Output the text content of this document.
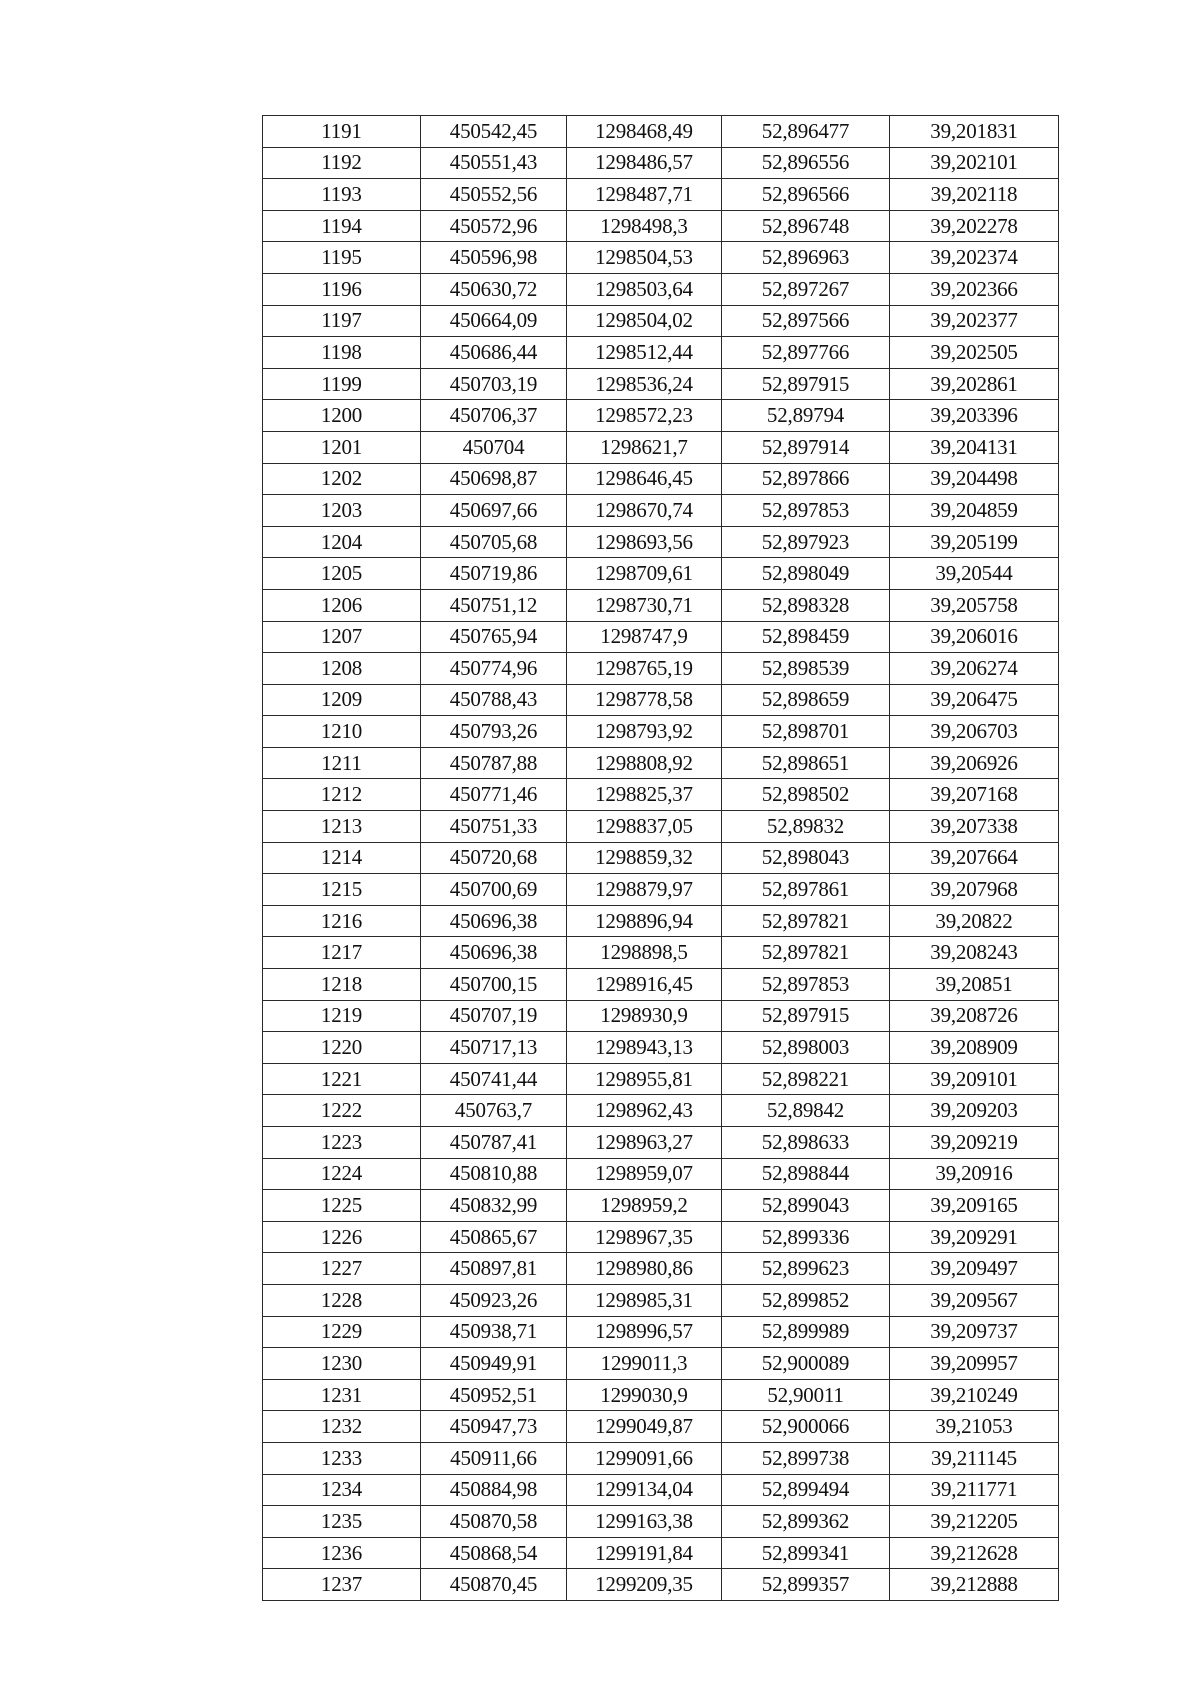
1191	450542,45	1298468,49	52,896477	39,201831
1192	450551,43	1298486,57	52,896556	39,202101
1193	450552,56	1298487,71	52,896566	39,202118
1194	450572,96	1298498,3	52,896748	39,202278
1195	450596,98	1298504,53	52,896963	39,202374
1196	450630,72	1298503,64	52,897267	39,202366
1197	450664,09	1298504,02	52,897566	39,202377
1198	450686,44	1298512,44	52,897766	39,202505
1199	450703,19	1298536,24	52,897915	39,202861
1200	450706,37	1298572,23	52,89794	39,203396
1201	450704	1298621,7	52,897914	39,204131
1202	450698,87	1298646,45	52,897866	39,204498
1203	450697,66	1298670,74	52,897853	39,204859
1204	450705,68	1298693,56	52,897923	39,205199
1205	450719,86	1298709,61	52,898049	39,20544
1206	450751,12	1298730,71	52,898328	39,205758
1207	450765,94	1298747,9	52,898459	39,206016
1208	450774,96	1298765,19	52,898539	39,206274
1209	450788,43	1298778,58	52,898659	39,206475
1210	450793,26	1298793,92	52,898701	39,206703
1211	450787,88	1298808,92	52,898651	39,206926
1212	450771,46	1298825,37	52,898502	39,207168
1213	450751,33	1298837,05	52,89832	39,207338
1214	450720,68	1298859,32	52,898043	39,207664
1215	450700,69	1298879,97	52,897861	39,207968
1216	450696,38	1298896,94	52,897821	39,20822
1217	450696,38	1298898,5	52,897821	39,208243
1218	450700,15	1298916,45	52,897853	39,20851
1219	450707,19	1298930,9	52,897915	39,208726
1220	450717,13	1298943,13	52,898003	39,208909
1221	450741,44	1298955,81	52,898221	39,209101
1222	450763,7	1298962,43	52,89842	39,209203
1223	450787,41	1298963,27	52,898633	39,209219
1224	450810,88	1298959,07	52,898844	39,20916
1225	450832,99	1298959,2	52,899043	39,209165
1226	450865,67	1298967,35	52,899336	39,209291
1227	450897,81	1298980,86	52,899623	39,209497
1228	450923,26	1298985,31	52,899852	39,209567
1229	450938,71	1298996,57	52,899989	39,209737
1230	450949,91	1299011,3	52,900089	39,209957
1231	450952,51	1299030,9	52,90011	39,210249
1232	450947,73	1299049,87	52,900066	39,21053
1233	450911,66	1299091,66	52,899738	39,211145
1234	450884,98	1299134,04	52,899494	39,211771
1235	450870,58	1299163,38	52,899362	39,212205
1236	450868,54	1299191,84	52,899341	39,212628
1237	450870,45	1299209,35	52,899357	39,212888
